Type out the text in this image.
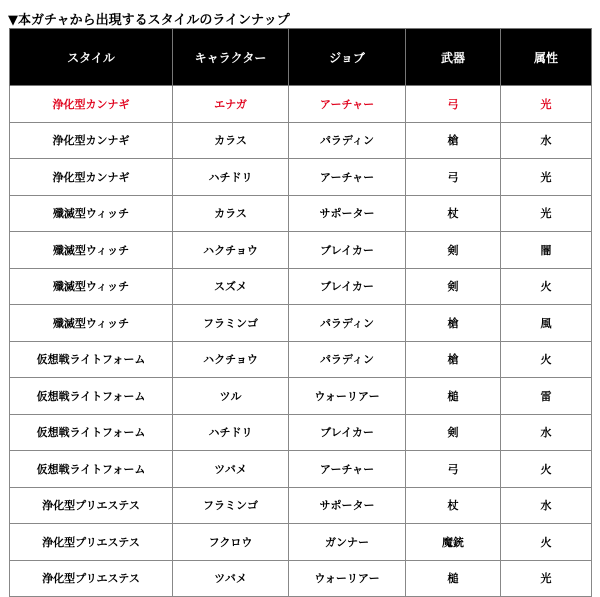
▼本ガチャから出現するスタイルのラインナップ
スタイル	キャラクター	ジョブ	武器	属性
浄化型カンナギ	エナガ	アーチャー	弓	光
浄化型カンナギ	カラス	パラディン	槍	水
浄化型カンナギ	ハチドリ	アーチャー	弓	光
殲滅型ウィッチ	カラス	サポーター	杖	光
殲滅型ウィッチ	ハクチョウ	ブレイカー	剣	闇
殲滅型ウィッチ	スズメ	ブレイカー	剣	火
殲滅型ウィッチ	フラミンゴ	パラディン	槍	風
仮想戦ライトフォーム	ハクチョウ	パラディン	槍	火
仮想戦ライトフォーム	ツル	ウォーリアー	槌	雷
仮想戦ライトフォーム	ハチドリ	ブレイカー	剣	水
仮想戦ライトフォーム	ツバメ	アーチャー	弓	火
浄化型プリエステス	フラミンゴ	サポーター	杖	水
浄化型プリエステス	フクロウ	ガンナー	魔銃	火
浄化型プリエステス	ツバメ	ウォーリアー	槌	光
